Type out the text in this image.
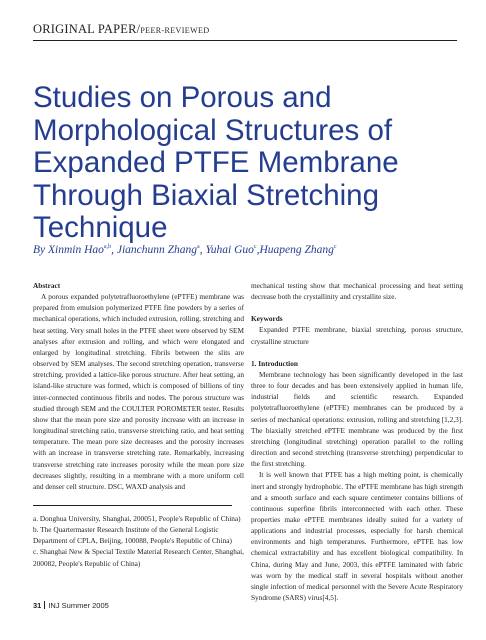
ORIGINAL PAPER/PEER-REVIEWED
Studies on Porous and
Morphological Structures of
Expanded PTFE Membrane
Through Biaxial Stretching
Technique
By Xinmin Hao$^{a,b}$, Jianchunn Zhang$^a$, Yuhai Guo$^c$,Huapeng Zhang$^c$

Abstract

A porous expanded polytetrafluoroethylene (ePTFE) membrane was prepared from emulsion polymerized PTFE fine powders by a series of mechanical operations, which included extrusion, rolling, stretching and heat setting. Very small holes in the PTFE sheet were observed by SEM analyses after extrusion and rolling, and which were elongated and enlarged by longitudinal stretching. Fibrils between the slits are observed by SEM analyses. The second stretching operation, transverse stretching, provided a lattice-like porous structure. After heat setting, an island-like structure was formed, which is composed of billions of tiny inter-connected continuous fibrils and nodes. The porous structure was studied through SEM and the COULTER POROMETER tester. Results show that the mean pore size and porosity increase with an increase in longitudinal stretching ratio, transverse stretching ratio, and heat setting temperature. The mean pore size decreases and the porosity increases with an increase in transverse stretching rate. Remarkably, increasing transverse stretching rate increases porosity while the mean pore size decreases slightly, resulting in a membrane with a more uniform cell and denser cell structure. DSC, WAXD analysis and

a. Donghua University, Shanghai, 200051, People's Republic of China)

b. The Quartermaster Research Institute of the General Logistic Department of CPLA, Beijing, 100088, People's Republic of China)

c. Shanghai New & Special Textile Material Research Center, Shanghai, 200082, People's Republic of China)

mechanical testing show that mechanical processing and heat setting decrease both the crystallinity and crystallite size.

Keywords

Expanded PTFE membrane, biaxial stretching, porous structure, crystalline structure

1. Introduction

Membrane technology has been significantly developed in the last three to four decades and has been extensively applied in human life, industrial fields and scientific research. Expanded polytetrafluoroethylene (ePTFE) membranes can be produced by a series of mechanical operations: extrusion, rolling and stretching [1,2,3]. The biaxially stretched ePTFE membrane was produced by the first stretching (longitudinal stretching) operation parallel to the rolling direction and second stretching (transverse stretching) perpendicular to the first stretching.

It is well known that PTFE has a high melting point, is chemically inert and strongly hydrophobic. The ePTFE membrane has high strength and a smooth surface and each square centimeter contains billions of continuous superfine fibrils interconnected with each other. These properties make ePTFE membranes ideally suited for a variety of applications and industrial processes, especially for harsh chemical environments and high temperatures. Furthermore, ePTFE has low chemical extractability and has excellent biological compatibility. In China, during May and June, 2003, this ePTFE laminated with fabric was worn by the medical staff in several hospitals without another single infection of medical personnel with the Severe Acute Respiratory Syndrome (SARS) virus[4,5].

31 INJ Summer 2005
